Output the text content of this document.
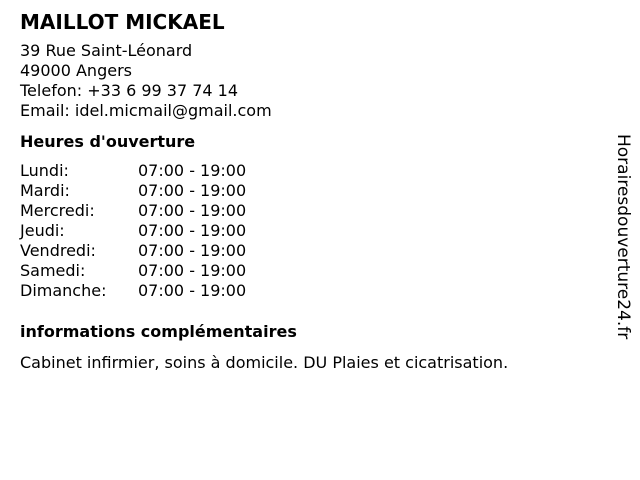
MAILLOT MICKAEL
39 Rue Saint-Léonard
49000 Angers
Telefon: +33 6 99 37 74 14
Email: idel.micmail@gmail.com
Heures d'ouverture
Lundi:	07:00 - 19:00
Mardi:	07:00 - 19:00
Mercredi:	07:00 - 19:00
Jeudi:	07:00 - 19:00
Vendredi:	07:00 - 19:00
Samedi:	07:00 - 19:00
Dimanche:	07:00 - 19:00
informations complémentaires
Cabinet infirmier, soins à domicile. DU Plaies et cicatrisation.
Horairesdouverture24.fr
